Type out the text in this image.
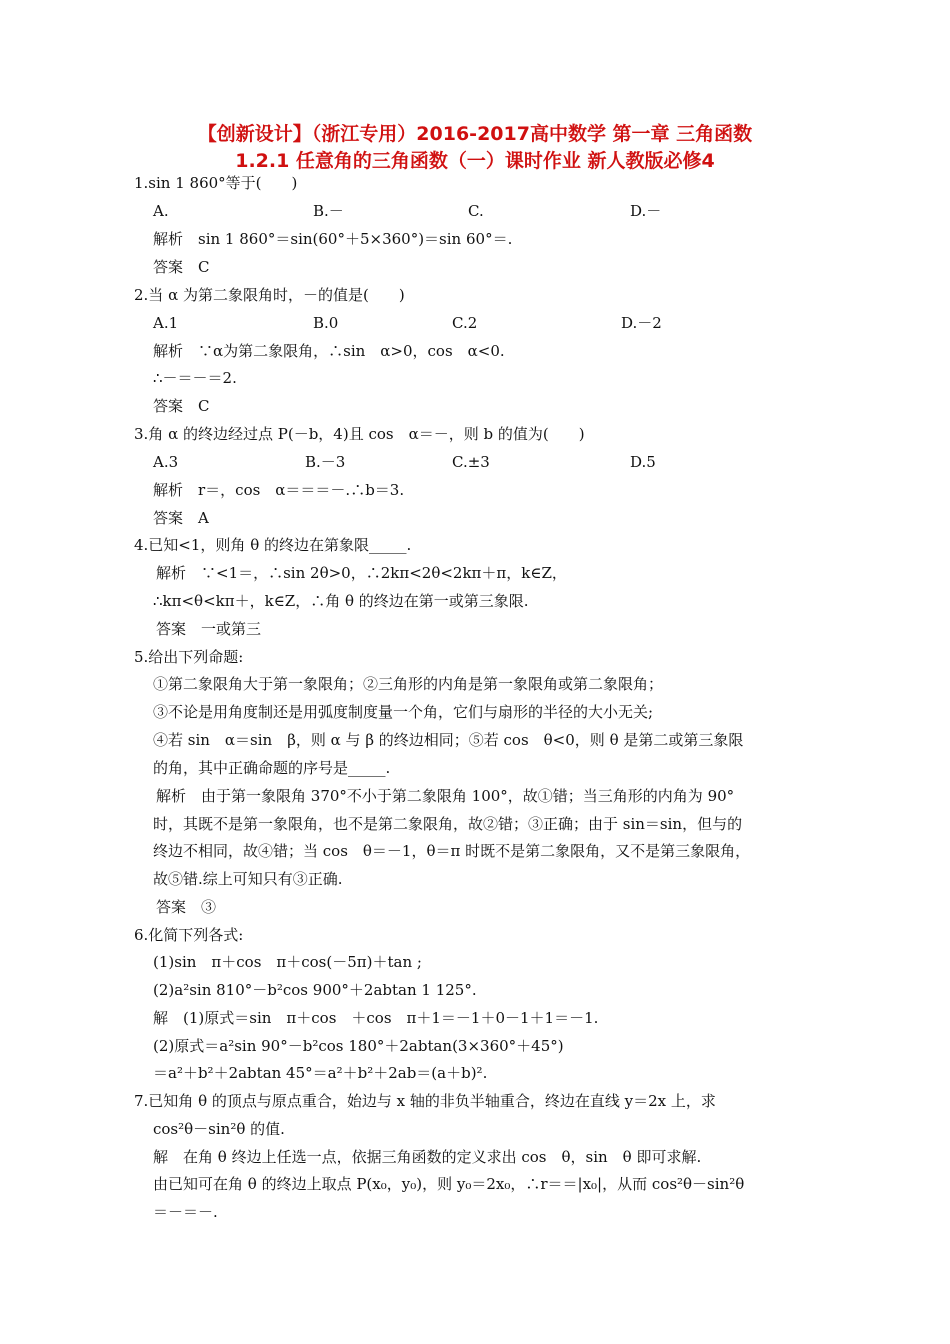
【创新设计】（浙江专用）2016-2017高中数学 第一章 三角函数
1.2.1 任意角的三角函数（一）课时作业 新人教版必修4
1.sin 1 860°等于(　　)
A.	B.－	C.	D.－
解析　sin 1 860°＝sin(60°＋5×360°)＝sin 60°＝.
答案　C
2.当 α 为第二象限角时，－的值是(　　)
A.1	B.0	C.2	D.－2
解析　∵α为第二象限角，∴sin　α>0，cos　α<0.
∴－＝－＝2.
答案　C
3.角 α 的终边经过点 P(－b，4)且 cos　α＝－，则 b 的值为(　　)
A.3	B.－3	C.±3	D.5
解析　r＝，cos　α＝＝＝－.∴b＝3.
答案　A
4.已知<1，则角 θ 的终边在第象限_____.
解析　∵<1＝，∴sin 2θ>0，∴2kπ<2θ<2kπ＋π，k∈Z，
∴kπ<θ<kπ＋，k∈Z，∴角 θ 的终边在第一或第三象限.
答案　一或第三
5.给出下列命题:
①第二象限角大于第一象限角；②三角形的内角是第一象限角或第二象限角；
③不论是用角度制还是用弧度制度量一个角，它们与扇形的半径的大小无关;
④若 sin　α＝sin　β，则 α 与 β 的终边相同；⑤若 cos　θ<0，则 θ 是第二或第三象限
的角，其中正确命题的序号是_____.
解析　由于第一象限角 370°不小于第二象限角 100°，故①错；当三角形的内角为 90°
时，其既不是第一象限角，也不是第二象限角，故②错；③正确；由于 sin＝sin，但与的
终边不相同，故④错；当 cos　θ＝－1，θ＝π 时既不是第二象限角，又不是第三象限角，
故⑤错.综上可知只有③正确.
答案　③
6.化简下列各式:
(1)sin　π＋cos　π＋cos(－5π)＋tan ;
(2)a²sin 810°－b²cos 900°＋2abtan 1 125°.
解　(1)原式＝sin　π＋cos　＋cos　π＋1＝－1＋0－1＋1＝－1.
(2)原式＝a²sin 90°－b²cos 180°＋2abtan(3×360°＋45°)
＝a²＋b²＋2abtan 45°＝a²＋b²＋2ab＝(a＋b)².
7.已知角 θ 的顶点与原点重合，始边与 x 轴的非负半轴重合，终边在直线 y＝2x 上，求
cos²θ－sin²θ 的值.
解　在角 θ 终边上任选一点，依据三角函数的定义求出 cos　θ，sin　θ 即可求解.
由已知可在角 θ 的终边上取点 P(x₀，y₀)，则 y₀＝2x₀，∴r＝＝|x₀|，从而 cos²θ－sin²θ
＝－＝－.
